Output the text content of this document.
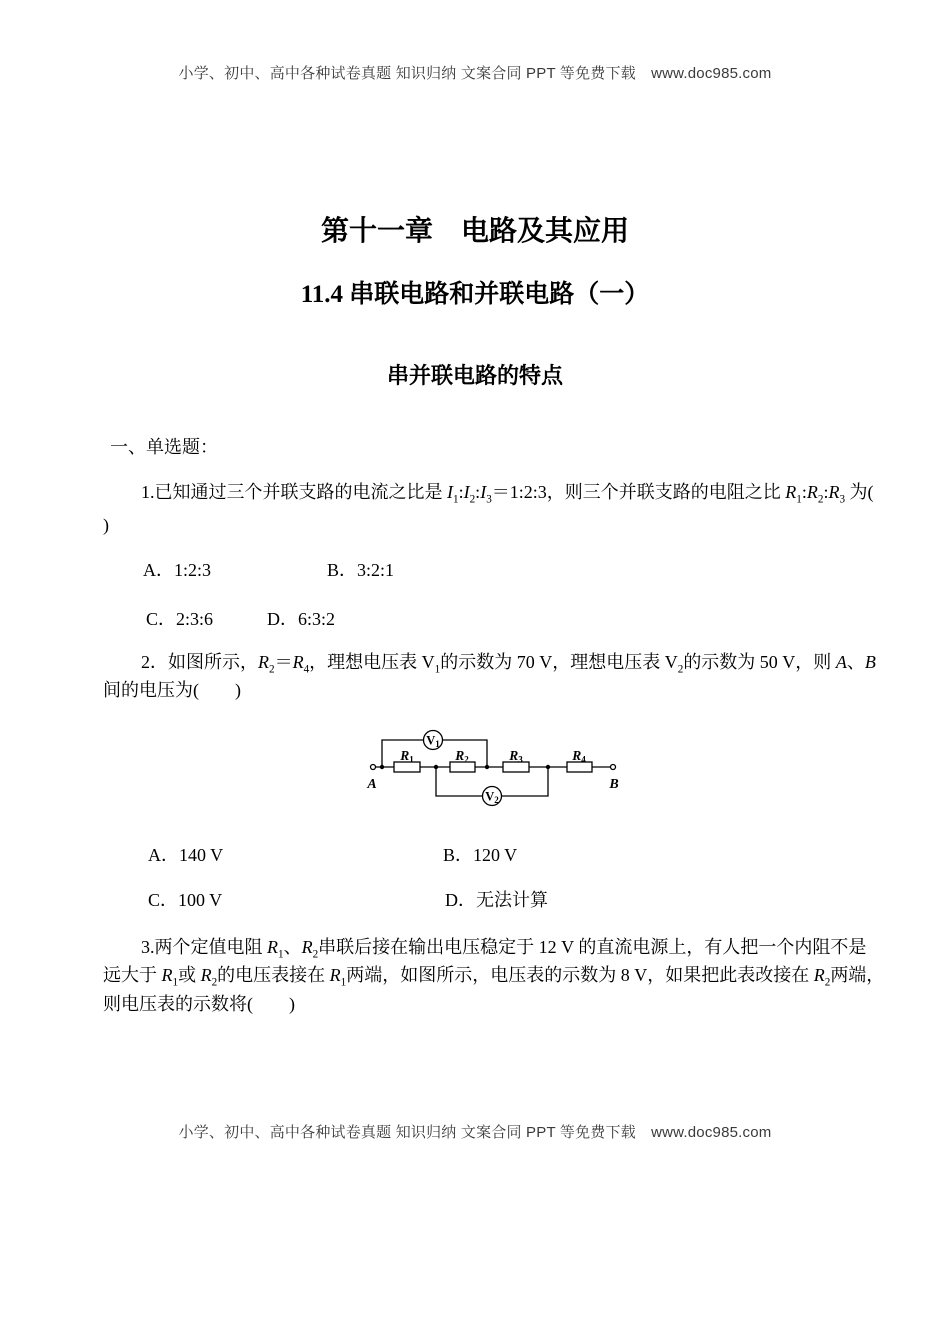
小学、初中、高中各种试卷真题 知识归纳 文案合同 PPT 等免费下载　www.doc985.com
第十一章　电路及其应用
11.4 串联电路和并联电路（一）
串并联电路的特点
一、单选题：
1.已知通过三个并联支路的电流之比是 $I_1:I_2:I_3=1:2:3$，则三个并联支路的电阻之比 $R_1:R_2:R_3$ 为(
)
A．1:2:3	B．3:2:1
C．2:3:6	D．6:3:2
2．如图所示，$R_2=R_4$，理想电压表 $V_1$的示数为 70 V，理想电压表 $V_2$的示数为 50 V，则 A、B
间的电压为(　　)
R1	R2	R3	R4
$V_1$
$V_2$
A	B
A．140 V	B．120 V
C．100 V	D．无法计算
3.两个定值电阻 $R_1$、$R_2$串联后接在输出电压稳定于 12 V 的直流电源上，有人把一个内阻不是
远大于 $R_1$或 $R_2$的电压表接在 $R_1$两端，如图所示，电压表的示数为 8 V，如果把此表改接在 $R_2$两端，
则电压表的示数将(　　)
小学、初中、高中各种试卷真题 知识归纳 文案合同 PPT 等免费下载　www.doc985.com
